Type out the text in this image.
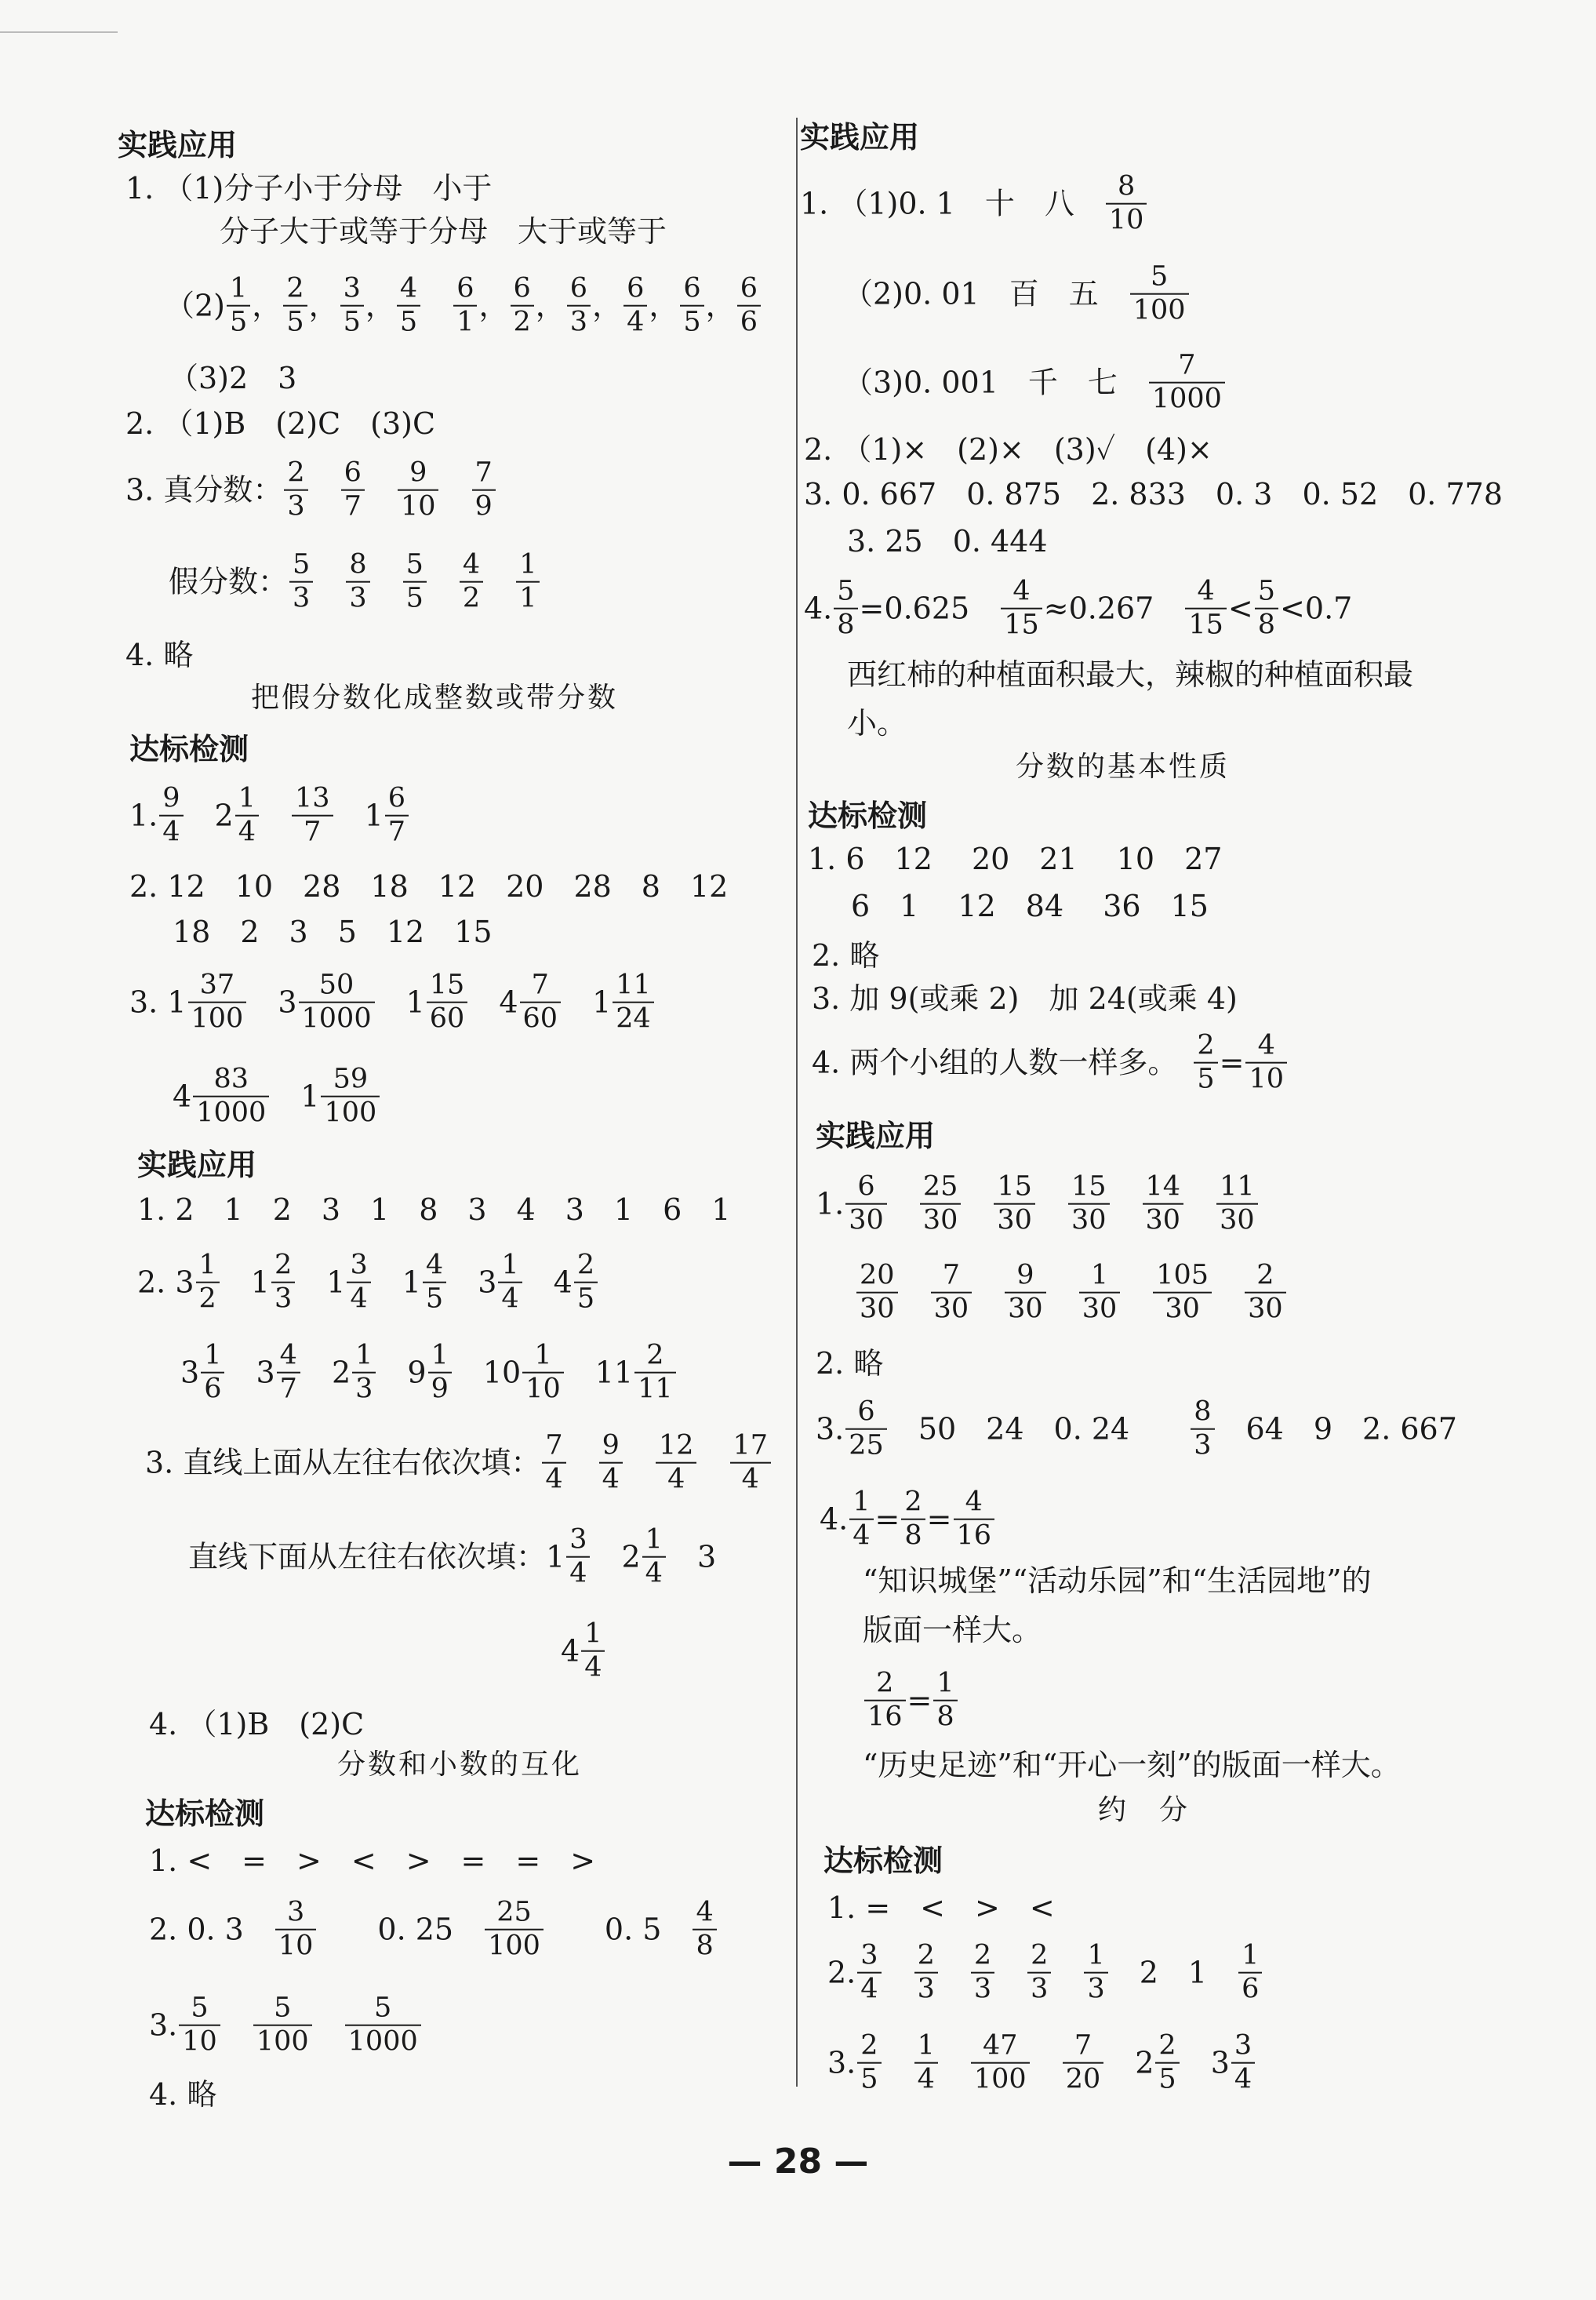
实践应用
1. （1)分子小于分母　小于
分子大于或等于分母　大于或等于
（2)
1
5 ，
2
5 ，
3
5 ，
4
5

6
1 ，
6
2 ，
6
3 ，
6
4 ，
6
5 ，
6
6
（3)2　3
2. （1)B　(2)C　(3)C
3. 真分数：
2
3

6
7

9
10

7
9
假分数：
5
3

8
3

5
5

4
2

1
1
4. 略
把假分数化成整数或带分数
达标检测
1.
9
4 　2
1
4

13
7 　1
6
7
2. 12　10　28　18　12　20　28　8　12
18　2　3　5　12　15
3. 1
37
100 　3
50
1000 　1
15
60 　4
7
60 　1
11
24
4
83
1000 　1
59
100
实践应用
1. 2　1　2　3　1　8　3　4　3　1　6　1
2. 3
1
2 　1
2
3 　1
3
4 　1
4
5 　3
1
4 　4
2
5
3
1
6 　3
4
7 　2
1
3 　9
1
9 　10
1
10 　11
2
11
3. 直线上面从左往右依次填：
7
4

9
4

12
4

17
4
直线下面从左往右依次填：1
3
4 　2
1
4 　3
4
1
4
4. （1)B　(2)C
分数和小数的互化
达标检测
1. <　=　>　<　>　=　=　>
2. 0. 3　
3
10 　　0. 25　
25
100 　　0. 5　
4
8
3.
5
10

5
100

5
1000
4. 略
实践应用
1. （1)0. 1　十　八　
8
10
（2)0. 01　百　五　
5
100
（3)0. 001　千　七　
7
1000
2. （1)×　(2)×　(3)✓　(4)×
3. 0. 667　0. 875　2. 833　0. 3　0. 52　0. 778
3. 25　0. 444
4.
5
8 =0.625　
4
15 ≈0.267　
4
15 <
5
8 <0.7
西红柿的种植面积最大，辣椒的种植面积最
小。
分数的基本性质
达标检测
1. 6　12　 20　21　 10　27
6　1　 12　84　 36　15
2. 略
3. 加 9(或乘 2)　加 24(或乘 4)
4. 两个小组的人数一样多。　
2
5 =
4
10
实践应用
1.
6
30

25
30

15
30

15
30

14
30

11
30
20
30

7
30

9
30

1
30

105
30

2
30
2. 略
3.
6
25 　50　24　0. 24　　
8
3 　64　9　2. 667
4.
1
4 =
2
8 =
4
16
“知识城堡”“活动乐园”和“生活园地”的
版面一样大。
2
16 =
1
8
“历史足迹”和“开心一刻”的版面一样大。
约　分
达标检测
1. =　<　>　<
2.
3
4

2
3

2
3

2
3

1
3 　2　1　
1
6
3.
2
5

1
4

47
100

7
20 　2
2
5 　3
3
4
— 28 —
